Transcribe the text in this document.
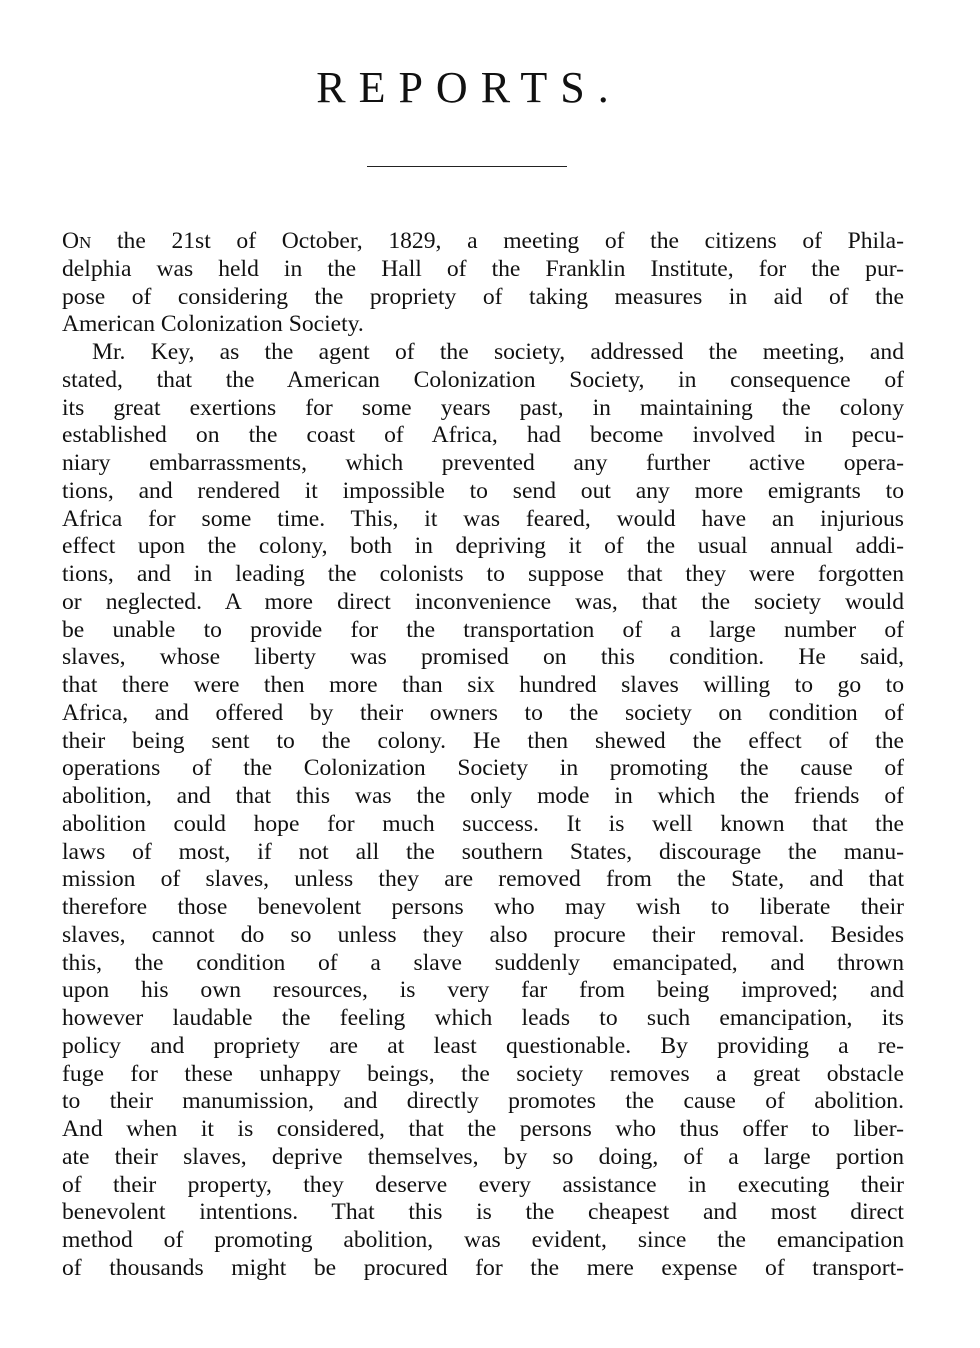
REPORTS.
On the 21st of October, 1829, a meeting of the citizens of Phila-
delphia was held in the Hall of the Franklin Institute, for the pur-
pose of considering the propriety of taking measures in aid of the
American Colonization Society.
Mr. Key, as the agent of the society, addressed the meeting, and
stated, that the American Colonization Society, in consequence of
its great exertions for some years past, in maintaining the colony
established on the coast of Africa, had become involved in pecu-
niary embarrassments, which prevented any further active opera-
tions, and rendered it impossible to send out any more emigrants to
Africa for some time. This, it was feared, would have an injurious
effect upon the colony, both in depriving it of the usual annual addi-
tions, and in leading the colonists to suppose that they were forgotten
or neglected. A more direct inconvenience was, that the society would
be unable to provide for the transportation of a large number of
slaves, whose liberty was promised on this condition. He said,
that there were then more than six hundred slaves willing to go to
Africa, and offered by their owners to the society on condition of
their being sent to the colony. He then shewed the effect of the
operations of the Colonization Society in promoting the cause of
abolition, and that this was the only mode in which the friends of
abolition could hope for much success. It is well known that the
laws of most, if not all the southern States, discourage the manu-
mission of slaves, unless they are removed from the State, and that
therefore those benevolent persons who may wish to liberate their
slaves, cannot do so unless they also procure their removal. Besides
this, the condition of a slave suddenly emancipated, and thrown
upon his own resources, is very far from being improved; and
however laudable the feeling which leads to such emancipation, its
policy and propriety are at least questionable. By providing a re-
fuge for these unhappy beings, the society removes a great obstacle
to their manumission, and directly promotes the cause of abolition.
And when it is considered, that the persons who thus offer to liber-
ate their slaves, deprive themselves, by so doing, of a large portion
of their property, they deserve every assistance in executing their
benevolent intentions. That this is the cheapest and most direct
method of promoting abolition, was evident, since the emancipation
of thousands might be procured for the mere expense of transport-
